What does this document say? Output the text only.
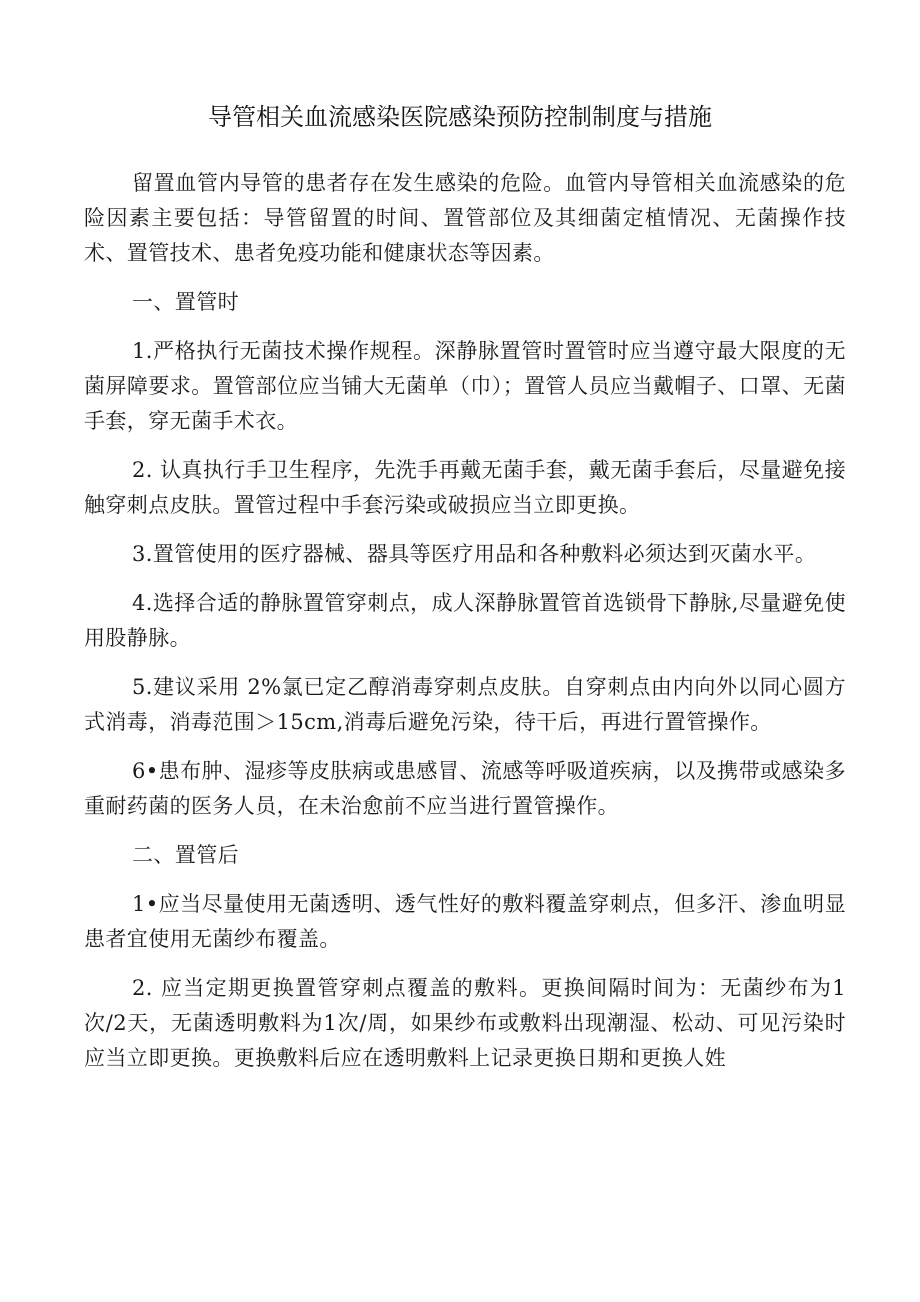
导管相关血流感染医院感染预防控制制度与措施

留置血管内导管的患者存在发生感染的危险。血管内导管相关血流感染的危险因素主要包括：导管留置的时间、置管部位及其细菌定植情况、无菌操作技术、置管技术、患者免疫功能和健康状态等因素。

一、置管时

1.严格执行无菌技术操作规程。深静脉置管时置管时应当遵守最大限度的无菌屏障要求。置管部位应当铺大无菌单（巾）；置管人员应当戴帽子、口罩、无菌手套，穿无菌手术衣。

2. 认真执行手卫生程序，先洗手再戴无菌手套，戴无菌手套后，尽量避免接触穿刺点皮肤。置管过程中手套污染或破损应当立即更换。

3.置管使用的医疗器械、器具等医疗用品和各种敷料必须达到灭菌水平。

4.选择合适的静脉置管穿刺点，成人深静脉置管首选锁骨下静脉,尽量避免使用股静脉。

5.建议采用 2%氯已定乙醇消毒穿刺点皮肤。自穿刺点由内向外以同心圆方式消毒，消毒范围＞15cm,消毒后避免污染，待干后，再进行置管操作。

6•患布肿、湿疹等皮肤病或患感冒、流感等呼吸道疾病，以及携带或感染多重耐药菌的医务人员，在未治愈前不应当进行置管操作。

二、置管后

1•应当尽量使用无菌透明、透气性好的敷料覆盖穿刺点，但多汗、渗血明显患者宜使用无菌纱布覆盖。

2. 应当定期更换置管穿刺点覆盖的敷料。更换间隔时间为：无菌纱布为1次/2天，无菌透明敷料为1次/周，如果纱布或敷料出现潮湿、松动、可见污染时应当立即更换。更换敷料后应在透明敷料上记录更换日期和更换人姓
